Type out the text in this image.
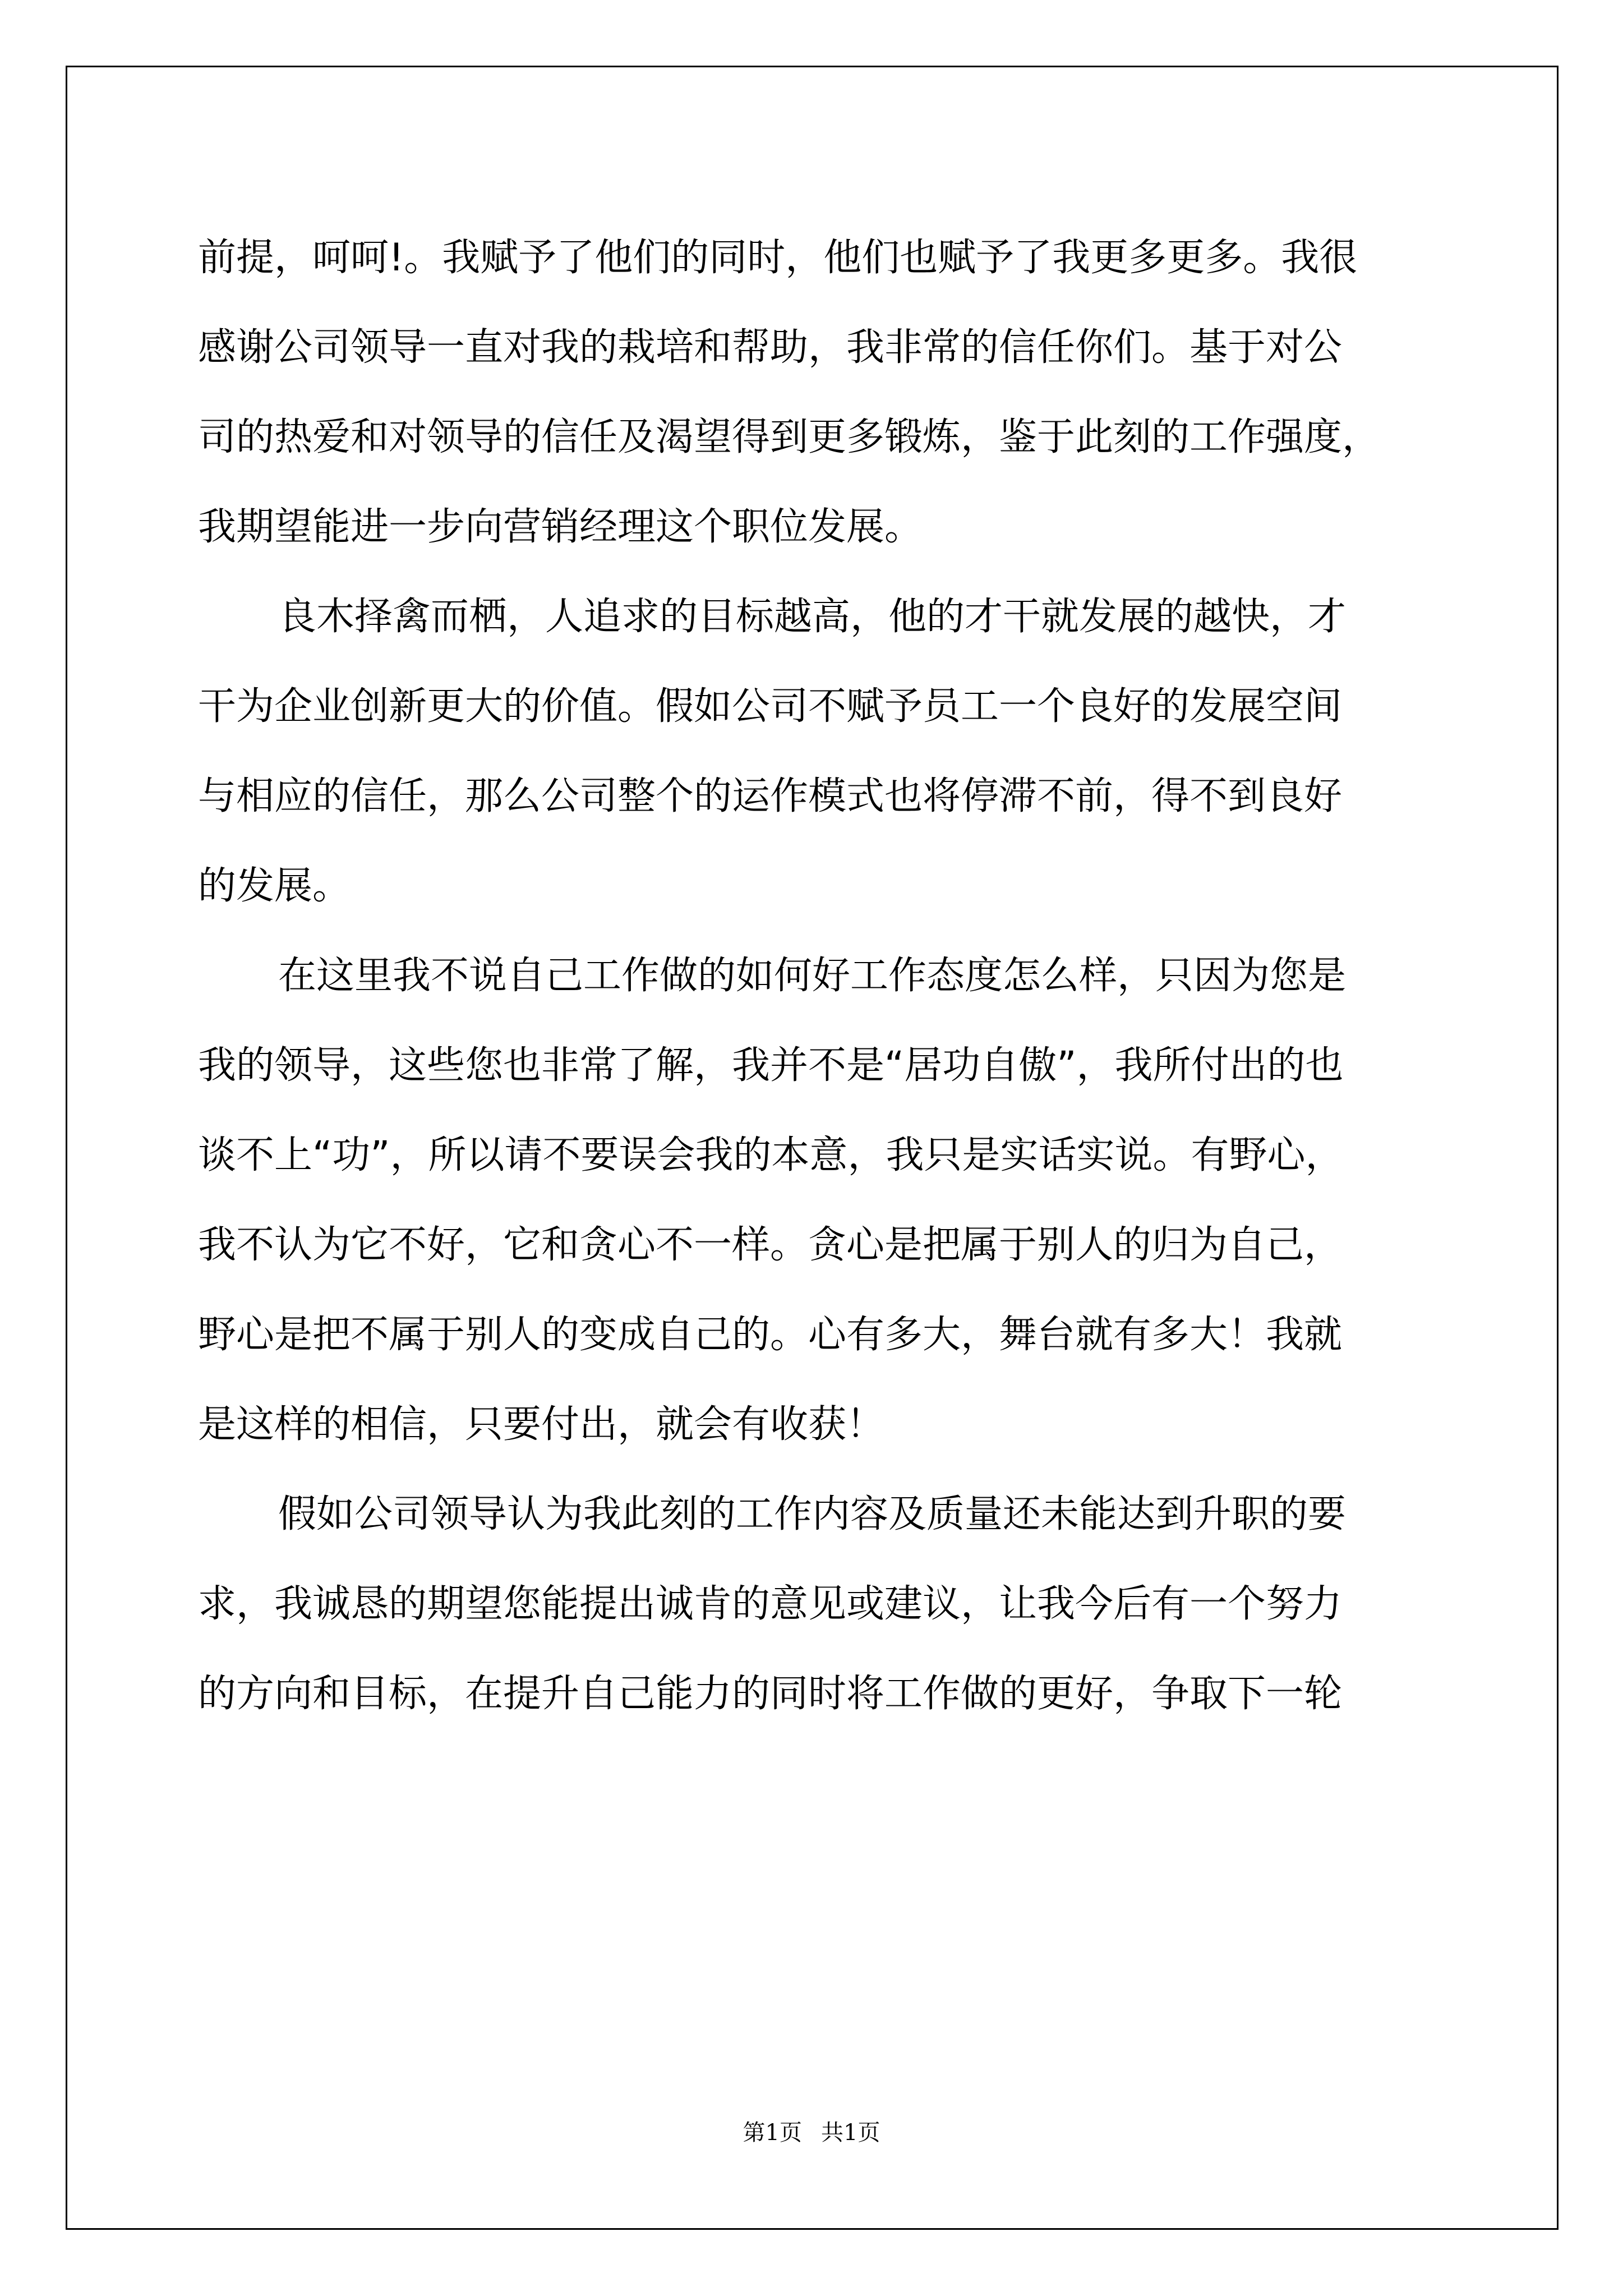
前提，呵呵!。我赋予了他们的同时，他们也赋予了我更多更多。我很
感谢公司领导一直对我的栽培和帮助，我非常的信任你们。基于对公
司的热爱和对领导的信任及渴望得到更多锻炼，鉴于此刻的工作强度，
我期望能进一步向营销经理这个职位发展。
良木择禽而栖，人追求的目标越高，他的才干就发展的越快，才
干为企业创新更大的价值。假如公司不赋予员工一个良好的发展空间
与相应的信任，那么公司整个的运作模式也将停滞不前，得不到良好
的发展。
在这里我不说自己工作做的如何好工作态度怎么样，只因为您是
我的领导，这些您也非常了解，我并不是“居功自傲”，我所付出的也
谈不上“功”，所以请不要误会我的本意，我只是实话实说。有野心，
我不认为它不好，它和贪心不一样。贪心是把属于别人的归为自己，
野心是把不属于别人的变成自己的。心有多大，舞台就有多大！我就
是这样的相信，只要付出，就会有收获！
假如公司领导认为我此刻的工作内容及质量还未能达到升职的要
求，我诚恳的期望您能提出诚肯的意见或建议，让我今后有一个努力
的方向和目标，在提升自己能力的同时将工作做的更好，争取下一轮
第1页 共1页
